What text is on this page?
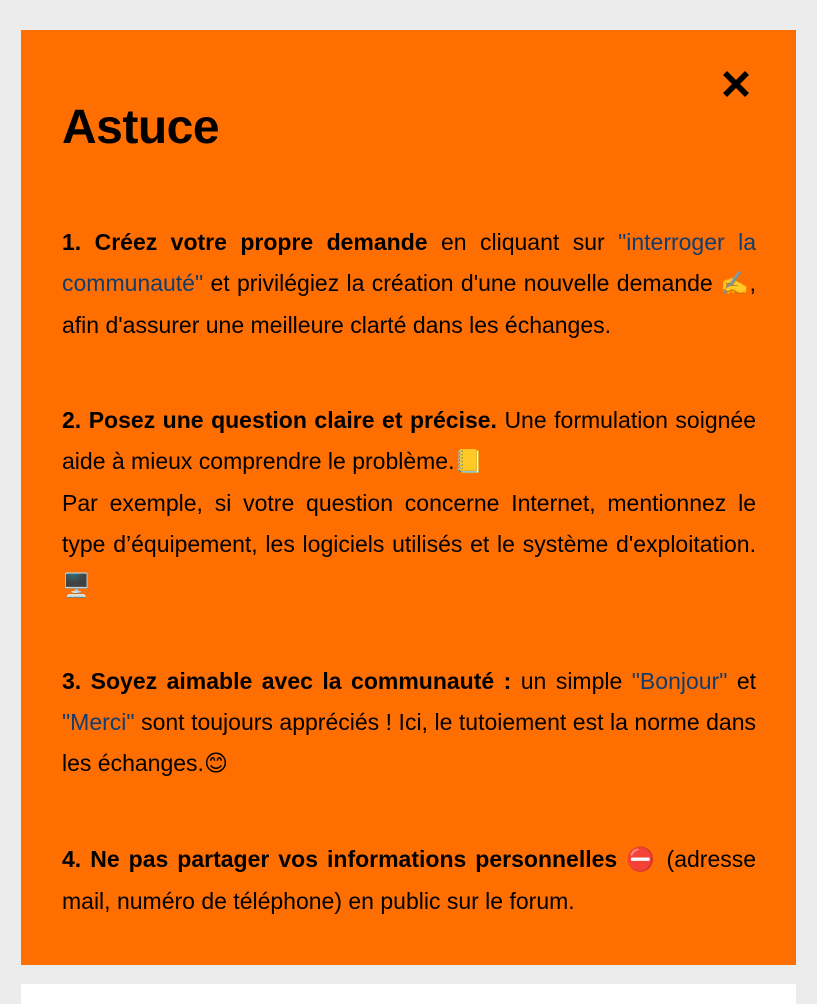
Astuce

1. Créez votre propre demande en cliquant sur "interroger la communauté" et privilégiez la création d'une nouvelle demande ✍️, afin d'assurer une meilleure clarté dans les échanges.

2. Posez une question claire et précise. Une formulation soignée aide à mieux comprendre le problème.📒
Par exemple, si votre question concerne Internet, mentionnez le type d’équipement, les logiciels utilisés et le système d'exploitation.🖥️

3. Soyez aimable avec la communauté : un simple "Bonjour" et "Merci" sont toujours appréciés ! Ici, le tutoiement est la norme dans les échanges.😊

4. Ne pas partager vos informations personnelles ⛔ (adresse mail, numéro de téléphone) en public sur le forum.
